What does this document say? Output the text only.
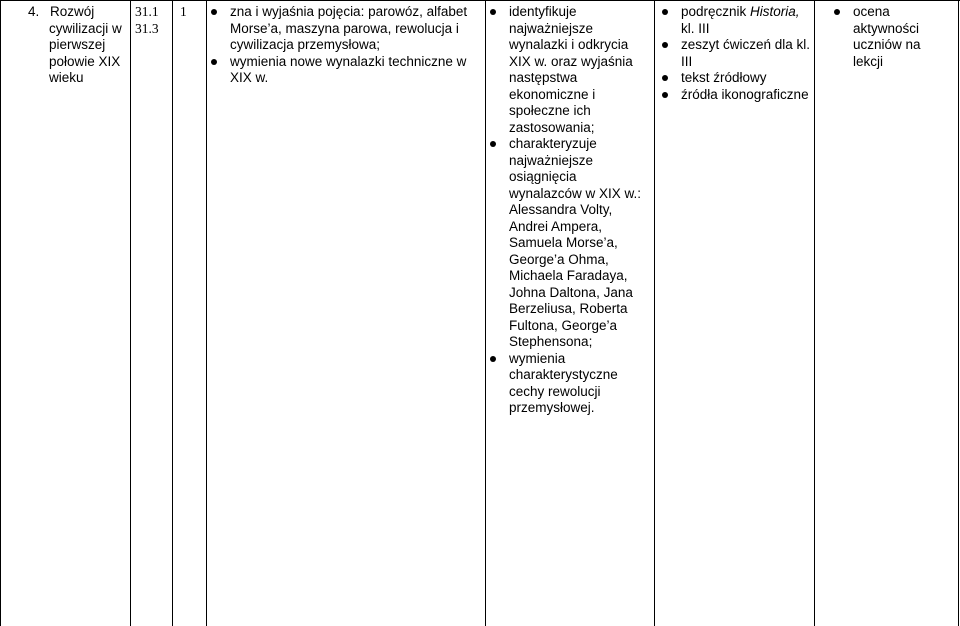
4. Rozwój
cywilizacji w
pierwszej
połowie XIX
wieku
31.1
31.3
1	zna i wyjaśnia pojęcia: parowóz, alfabet Morse’a, maszyna parowa, rewolucja i cywilizacja przemysłowa;
wymienia nowe wynalazki techniczne w XIX w.
identyfikuje najważniejsze wynalazki i odkrycia XIX w. oraz wyjaśnia następstwa ekonomiczne i społeczne ich zastosowania;
charakteryzuje najważniejsze osiągnięcia wynalazców w XIX w.: Alessandra Volty, Andrei Ampera, Samuela Morse’a, George’a Ohma, Michaela Faradaya, Johna Daltona, Jana Berzeliusa, Roberta Fultona, George’a Stephensona;
wymienia charakterystyczne cechy rewolucji przemysłowej.
podręcznik Historia, kl. III
zeszyt ćwiczeń dla kl. III
tekst źródłowy
źródła ikonograficzne
ocena aktywności uczniów na lekcji
